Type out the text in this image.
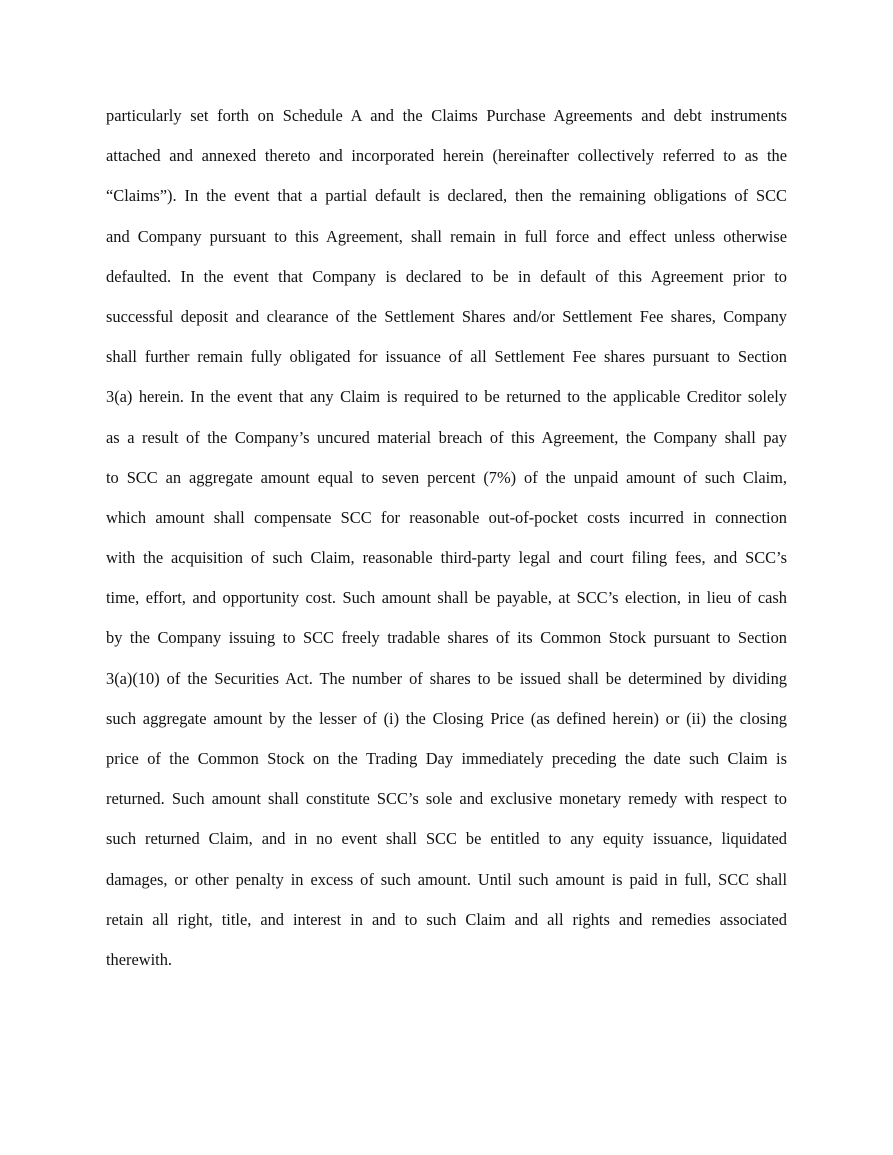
particularly set forth on Schedule A and the Claims Purchase Agreements and debt instruments
attached and annexed thereto and incorporated herein (hereinafter collectively referred to as the
“Claims”). In the event that a partial default is declared, then the remaining obligations of SCC
and Company pursuant to this Agreement, shall remain in full force and effect unless otherwise
defaulted. In the event that Company is declared to be in default of this Agreement prior to
successful deposit and clearance of the Settlement Shares and/or Settlement Fee shares, Company
shall further remain fully obligated for issuance of all Settlement Fee shares pursuant to Section
3(a) herein. In the event that any Claim is required to be returned to the applicable Creditor solely
as a result of the Company’s uncured material breach of this Agreement, the Company shall pay
to SCC an aggregate amount equal to seven percent (7%) of the unpaid amount of such Claim,
which amount shall compensate SCC for reasonable out-of-pocket costs incurred in connection
with the acquisition of such Claim, reasonable third-party legal and court filing fees, and SCC’s
time, effort, and opportunity cost. Such amount shall be payable, at SCC’s election, in lieu of cash
by the Company issuing to SCC freely tradable shares of its Common Stock pursuant to Section
3(a)(10) of the Securities Act. The number of shares to be issued shall be determined by dividing
such aggregate amount by the lesser of (i) the Closing Price (as defined herein) or (ii) the closing
price of the Common Stock on the Trading Day immediately preceding the date such Claim is
returned. Such amount shall constitute SCC’s sole and exclusive monetary remedy with respect to
such returned Claim, and in no event shall SCC be entitled to any equity issuance, liquidated
damages, or other penalty in excess of such amount. Until such amount is paid in full, SCC shall
retain all right, title, and interest in and to such Claim and all rights and remedies associated
therewith.
